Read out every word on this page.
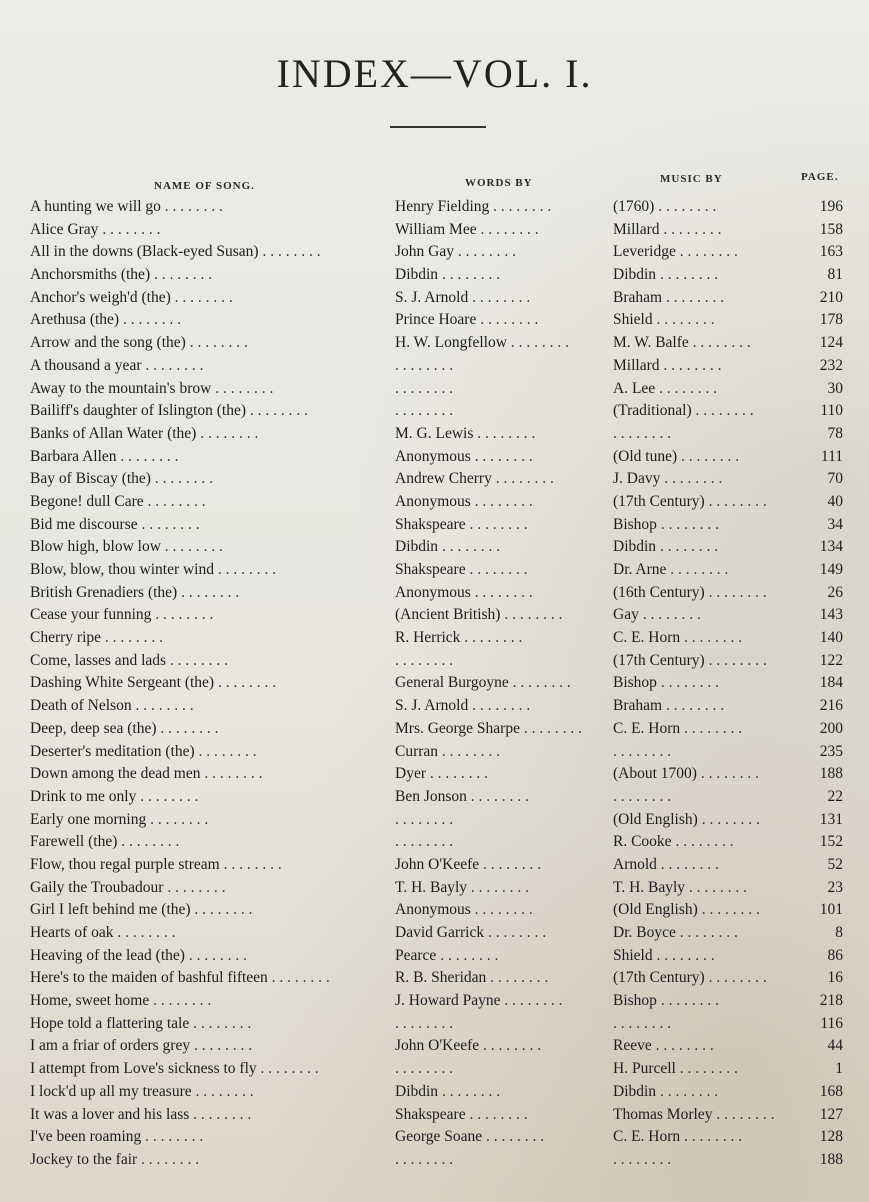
INDEX—VOL. I.
NAME OF SONG.	WORDS BY	MUSIC BY	PAGE.
A hunting we will go . . . . . . . .	Henry Fielding . . . . . . . .	(1760) . . . . . . . .	196
Alice Gray . . . . . . . .	William Mee . . . . . . . .	Millard . . . . . . . .	158
All in the downs (Black-eyed Susan) . . . . . . . .	John Gay . . . . . . . .	Leveridge . . . . . . . .	163
Anchorsmiths (the) . . . . . . . .	Dibdin . . . . . . . .	Dibdin . . . . . . . .	81
Anchor's weigh'd (the) . . . . . . . .	S. J. Arnold . . . . . . . .	Braham . . . . . . . .	210
Arethusa (the) . . . . . . . .	Prince Hoare . . . . . . . .	Shield . . . . . . . .	178
Arrow and the song (the) . . . . . . . .	H. W. Longfellow . . . . . . . .	M. W. Balfe . . . . . . . .	124
A thousand a year . . . . . . . .	. . . . . . . .	Millard . . . . . . . .	232
Away to the mountain's brow . . . . . . . .	. . . . . . . .	A. Lee . . . . . . . .	30
Bailiff's daughter of Islington (the) . . . . . . . .	. . . . . . . .	(Traditional) . . . . . . . .	110
Banks of Allan Water (the) . . . . . . . .	M. G. Lewis . . . . . . . .	. . . . . . . .	78
Barbara Allen . . . . . . . .	Anonymous . . . . . . . .	(Old tune) . . . . . . . .	111
Bay of Biscay (the) . . . . . . . .	Andrew Cherry . . . . . . . .	J. Davy . . . . . . . .	70
Begone! dull Care . . . . . . . .	Anonymous . . . . . . . .	(17th Century) . . . . . . . .	40
Bid me discourse . . . . . . . .	Shakspeare . . . . . . . .	Bishop . . . . . . . .	34
Blow high, blow low . . . . . . . .	Dibdin . . . . . . . .	Dibdin . . . . . . . .	134
Blow, blow, thou winter wind . . . . . . . .	Shakspeare . . . . . . . .	Dr. Arne . . . . . . . .	149
British Grenadiers (the) . . . . . . . .	Anonymous . . . . . . . .	(16th Century) . . . . . . . .	26
Cease your funning . . . . . . . .	(Ancient British) . . . . . . . .	Gay . . . . . . . .	143
Cherry ripe . . . . . . . .	R. Herrick . . . . . . . .	C. E. Horn . . . . . . . .	140
Come, lasses and lads . . . . . . . .	. . . . . . . .	(17th Century) . . . . . . . .	122
Dashing White Sergeant (the) . . . . . . . .	General Burgoyne . . . . . . . .	Bishop . . . . . . . .	184
Death of Nelson . . . . . . . .	S. J. Arnold . . . . . . . .	Braham . . . . . . . .	216
Deep, deep sea (the) . . . . . . . .	Mrs. George Sharpe . . . . . . . .	C. E. Horn . . . . . . . .	200
Deserter's meditation (the) . . . . . . . .	Curran . . . . . . . .	. . . . . . . .	235
Down among the dead men . . . . . . . .	Dyer . . . . . . . .	(About 1700) . . . . . . . .	188
Drink to me only . . . . . . . .	Ben Jonson . . . . . . . .	. . . . . . . .	22
Early one morning . . . . . . . .	. . . . . . . .	(Old English) . . . . . . . .	131
Farewell (the) . . . . . . . .	. . . . . . . .	R. Cooke . . . . . . . .	152
Flow, thou regal purple stream . . . . . . . .	John O'Keefe . . . . . . . .	Arnold . . . . . . . .	52
Gaily the Troubadour . . . . . . . .	T. H. Bayly . . . . . . . .	T. H. Bayly . . . . . . . .	23
Girl I left behind me (the) . . . . . . . .	Anonymous . . . . . . . .	(Old English) . . . . . . . .	101
Hearts of oak . . . . . . . .	David Garrick . . . . . . . .	Dr. Boyce . . . . . . . .	8
Heaving of the lead (the) . . . . . . . .	Pearce . . . . . . . .	Shield . . . . . . . .	86
Here's to the maiden of bashful fifteen . . . . . . . .	R. B. Sheridan . . . . . . . .	(17th Century) . . . . . . . .	16
Home, sweet home . . . . . . . .	J. Howard Payne . . . . . . . .	Bishop . . . . . . . .	218
Hope told a flattering tale . . . . . . . .	. . . . . . . .	. . . . . . . .	116
I am a friar of orders grey . . . . . . . .	John O'Keefe . . . . . . . .	Reeve . . . . . . . .	44
I attempt from Love's sickness to fly . . . . . . . .	. . . . . . . .	H. Purcell . . . . . . . .	1
I lock'd up all my treasure . . . . . . . .	Dibdin . . . . . . . .	Dibdin . . . . . . . .	168
It was a lover and his lass . . . . . . . .	Shakspeare . . . . . . . .	Thomas Morley . . . . . . . .	127
I've been roaming . . . . . . . .	George Soane . . . . . . . .	C. E. Horn . . . . . . . .	128
Jockey to the fair . . . . . . . .	. . . . . . . .	. . . . . . . .	188
